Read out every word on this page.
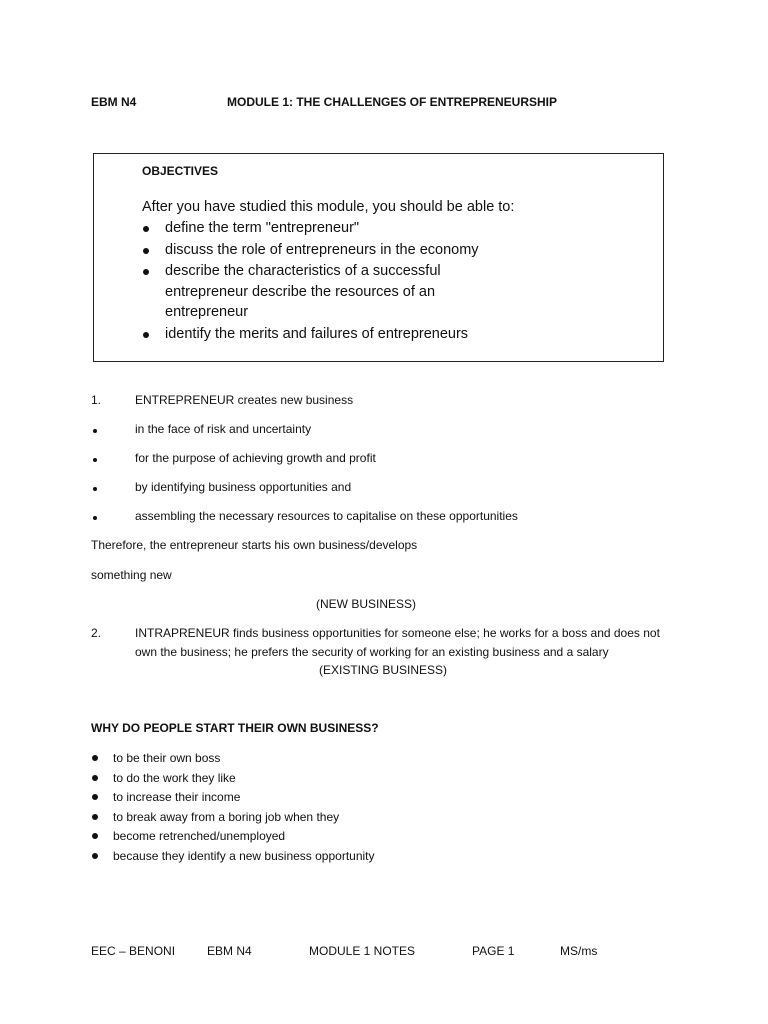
EBM N4	MODULE 1: THE CHALLENGES OF ENTREPRENEURSHIP
OBJECTIVES
After you have studied this module, you should be able to:
define the term "entrepreneur"
discuss the role of entrepreneurs in the economy
describe the characteristics of a successful
entrepreneur describe the resources of an
entrepreneur
identify the merits and failures of entrepreneurs
1.	ENTREPRENEUR creates new business
in the face of risk and uncertainty
for the purpose of achieving growth and profit
by identifying business opportunities and
assembling the necessary resources to capitalise on these opportunities
Therefore, the entrepreneur starts his own business/develops
something new
(NEW BUSINESS)
2.	INTRAPRENEUR finds business opportunities for someone else; he works for a boss and does not
own the business; he prefers the security of working for an existing business and a salary
(EXISTING BUSINESS)
WHY DO PEOPLE START THEIR OWN BUSINESS?
to be their own boss
to do the work they like
to increase their income
to break away from a boring job when they
become retrenched/unemployed
because they identify a new business opportunity
EEC – BENONI	EBM N4	MODULE 1 NOTES	PAGE 1	MS/ms
